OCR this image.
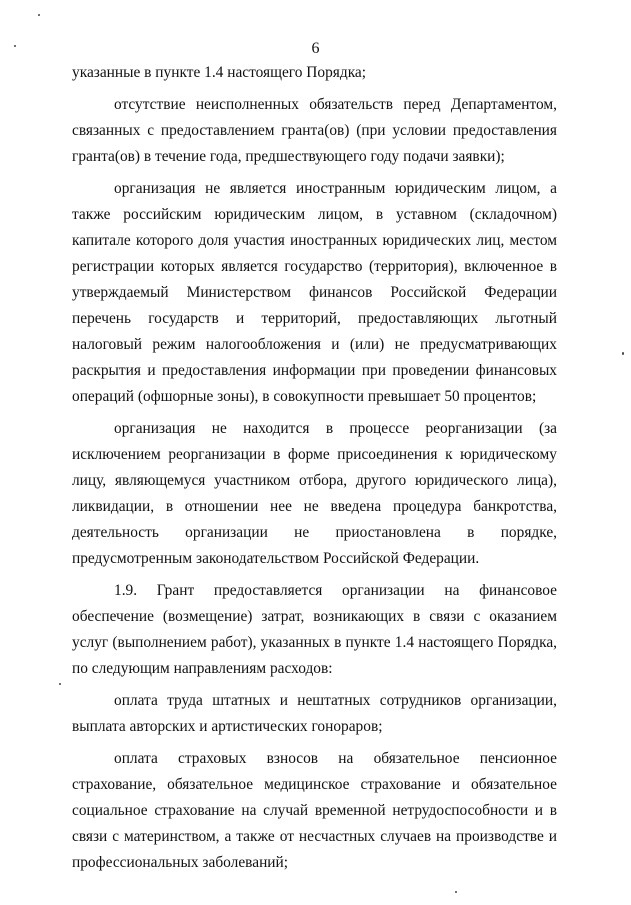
6

указанные в пункте 1.4 настоящего Порядка;

отсутствие неисполненных обязательств перед Департаментом, связанных с предоставлением гранта(ов) (при условии предоставления гранта(ов) в течение года, предшествующего году подачи заявки);

организация не является иностранным юридическим лицом, а также российским юридическим лицом, в уставном (складочном) капитале которого доля участия иностранных юридических лиц, местом регистрации которых является государство (территория), включенное в утверждаемый Министерством финансов Российской Федерации перечень государств и территорий, предоставляющих льготный налоговый режим налогообложения и (или) не предусматривающих раскрытия и предоставления информации при проведении финансовых операций (офшорные зоны), в совокупности превышает 50 процентов;

организация не находится в процессе реорганизации (за исключением реорганизации в форме присоединения к юридическому лицу, являющемуся участником отбора, другого юридического лица), ликвидации, в отношении нее не введена процедура банкротства, деятельность организации не приостановлена в порядке, предусмотренным законодательством Российской Федерации.

1.9. Грант предоставляется организации на финансовое обеспечение (возмещение) затрат, возникающих в связи с оказанием услуг (выполнением работ), указанных в пункте 1.4 настоящего Порядка, по следующим направлениям расходов:

оплата труда штатных и нештатных сотрудников организации, выплата авторских и артистических гонораров;

оплата страховых взносов на обязательное пенсионное страхование, обязательное медицинское страхование и обязательное социальное страхование на случай временной нетрудоспособности и в связи с материнством, а также от несчастных случаев на производстве и профессиональных заболеваний;
